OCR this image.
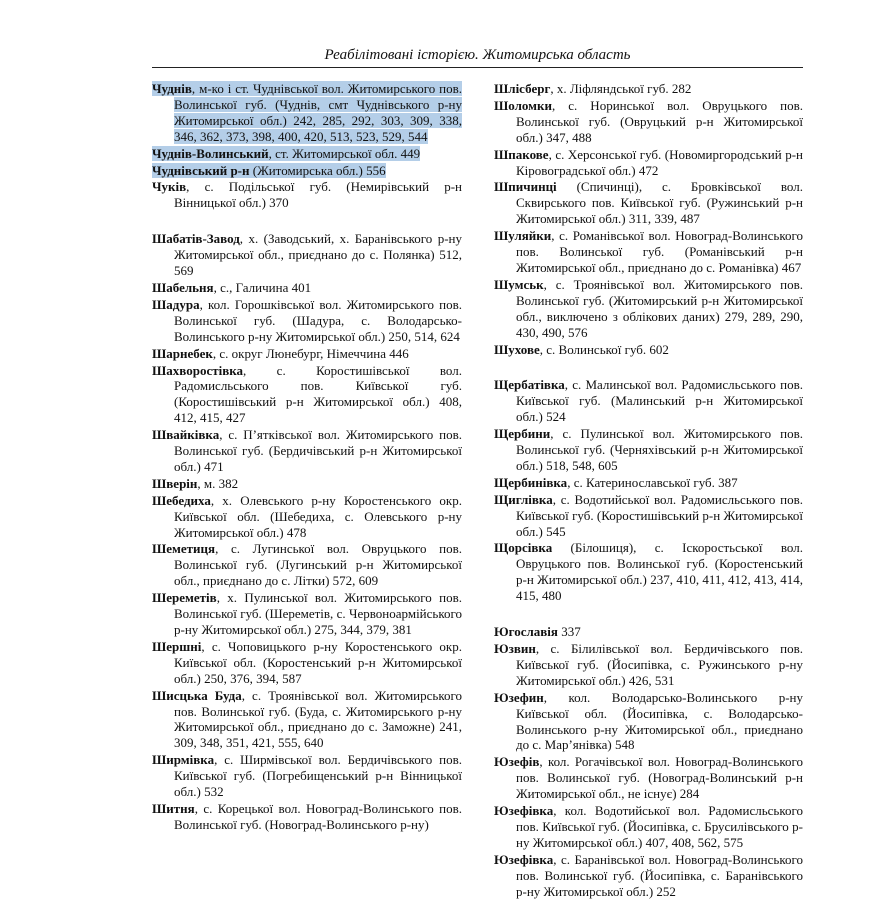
Реабілітовані історією. Житомирська область

Чуднів, м-ко і ст. Чуднівської вол. Житомирського пов. Волинської губ. (Чуднів, смт Чуднівського р-ну Житомирської обл.) 242, 285, 292, 303, 309, 338, 346, 362, 373, 398, 400, 420, 513, 523, 529, 544

Чуднів-Волинський, ст. Житомирської обл. 449

Чуднівський р-н (Житомирська обл.) 556

Чуків, с. Подільської губ. (Немирівський р-н Вінницької обл.) 370

Шабатів-Завод, х. (Заводський, х. Баранівського р-ну Житомирської обл., приєднано до с. Полянка) 512, 569

Шабельня, с., Галичина 401

Шадура, кол. Горошківської вол. Житомирського пов. Волинської губ. (Шадура, с. Володарсько-Волинського р-ну Житомирської обл.) 250, 514, 624

Шарнебек, с. округ Люнебург, Німеччина 446

Шахворостівка, с. Коростишівської вол. Радомисльського пов. Київської губ. (Коростишівський р-н Житомирської обл.) 408, 412, 415, 427

Швайківка, с. П’ятківської вол. Житомирського пов. Волинської губ. (Бердичівський р-н Житомирської обл.) 471

Шверін, м. 382

Шебедиха, х. Олевського р-ну Коростенського окр. Київської обл. (Шебедиха, с. Олевського р-ну Житомирської обл.) 478

Шеметиця, с. Лугинської вол. Овруцького пов. Волинської губ. (Лугинський р-н Житомирської обл., приєднано до с. Літки) 572, 609

Шереметів, х. Пулинської вол. Житомирського пов. Волинської губ. (Шереметів, с. Червоноармійського р-ну Житомирської обл.) 275, 344, 379, 381

Шершні, с. Чоповицького р-ну Коростенського окр. Київської обл. (Коростенський р-н Житомирської обл.) 250, 376, 394, 587

Шисцька Буда, с. Троянівської вол. Житомирського пов. Волинської губ. (Буда, с. Житомирського р-ну Житомирської обл., приєднано до с. Заможне) 241, 309, 348, 351, 421, 555, 640

Ширмівка, с. Ширмівської вол. Бердичівського пов. Київської губ. (Погребищенський р-н Вінницької обл.) 532

Шитня, с. Корецької вол. Новоград-Волинського пов. Волинської губ. (Новоград-Волинського р-ну)

Шлісберг, х. Ліфляндської губ. 282

Шоломки, с. Норинської вол. Овруцького пов. Волинської губ. (Овруцький р-н Житомирської обл.) 347, 488

Шпакове, с. Херсонської губ. (Новомиргородський р-н Кіровоградської обл.) 472

Шпичинці (Спичинці), с. Бровківської вол. Сквирського пов. Київської губ. (Ружинський р-н Житомирської обл.) 311, 339, 487

Шуляйки, с. Романівської вол. Новоград-Волинського пов. Волинської губ. (Романівський р-н Житомирської обл., приєднано до с. Романівка) 467

Шумськ, с. Троянівської вол. Житомирського пов. Волинської губ. (Житомирський р-н Житомирської обл., виключено з облікових даних) 279, 289, 290, 430, 490, 576

Шухове, с. Волинської губ. 602

Щербатівка, с. Малинської вол. Радомисльського пов. Київської губ. (Малинський р-н Житомирської обл.) 524

Щербини, с. Пулинської вол. Житомирського пов. Волинської губ. (Черняхівський р-н Житомирської обл.) 518, 548, 605

Щербинівка, с. Катеринославської губ. 387

Щиглівка, с. Водотийської вол. Радомисльського пов. Київської губ. (Коростишівський р-н Житомирської обл.) 545

Щорсівка (Білошиця), с. Іскоростьської вол. Овруцького пов. Волинської губ. (Коростенський р-н Житомирської обл.) 237, 410, 411, 412, 413, 414, 415, 480

Югославія 337

Юзвин, с. Білилівської вол. Бердичівського пов. Київської губ. (Йосипівка, с. Ружинського р-ну Житомирської обл.) 426, 531

Юзефин, кол. Володарсько-Волинського р-ну Київської обл. (Йосипівка, с. Володарсько-Волинського р-ну Житомирської обл., приєднано до с. Мар’янівка) 548

Юзефів, кол. Рогачівської вол. Новоград-Волинського пов. Волинської губ. (Новоград-Волинський р-н Житомирської обл., не існує) 284

Юзефівка, кол. Водотийської вол. Радомисльського пов. Київської губ. (Йосипівка, с. Брусилівського р-ну Житомирської обл.) 407, 408, 562, 575

Юзефівка, с. Баранівської вол. Новоград-Волинського пов. Волинської губ. (Йосипівка, с. Баранівського р-ну Житомирської обл.) 252
